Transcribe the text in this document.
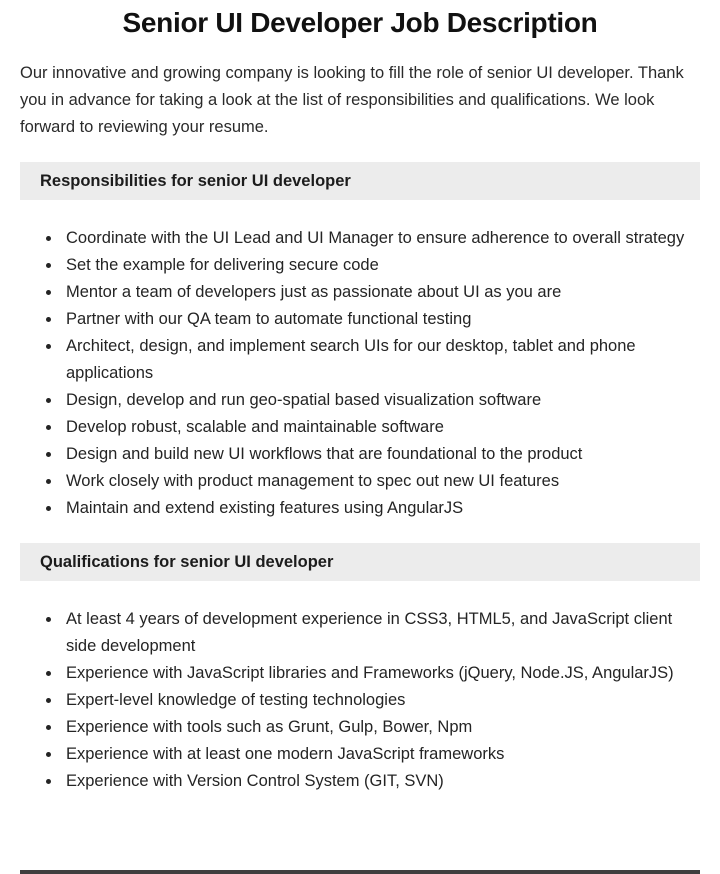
Senior UI Developer Job Description

Our innovative and growing company is looking to fill the role of senior UI developer. Thank you in advance for taking a look at the list of responsibilities and qualifications. We look forward to reviewing your resume.

Responsibilities for senior UI developer
• Coordinate with the UI Lead and UI Manager to ensure adherence to overall strategy
• Set the example for delivering secure code
• Mentor a team of developers just as passionate about UI as you are
• Partner with our QA team to automate functional testing
• Architect, design, and implement search UIs for our desktop, tablet and phone applications
• Design, develop and run geo-spatial based visualization software
• Develop robust, scalable and maintainable software
• Design and build new UI workflows that are foundational to the product
• Work closely with product management to spec out new UI features
• Maintain and extend existing features using AngularJS
Qualifications for senior UI developer
• At least 4 years of development experience in CSS3, HTML5, and JavaScript client side development
• Experience with JavaScript libraries and Frameworks (jQuery, Node.JS, AngularJS)
• Expert-level knowledge of testing technologies
• Experience with tools such as Grunt, Gulp, Bower, Npm
• Experience with at least one modern JavaScript frameworks
• Experience with Version Control System (GIT, SVN)
